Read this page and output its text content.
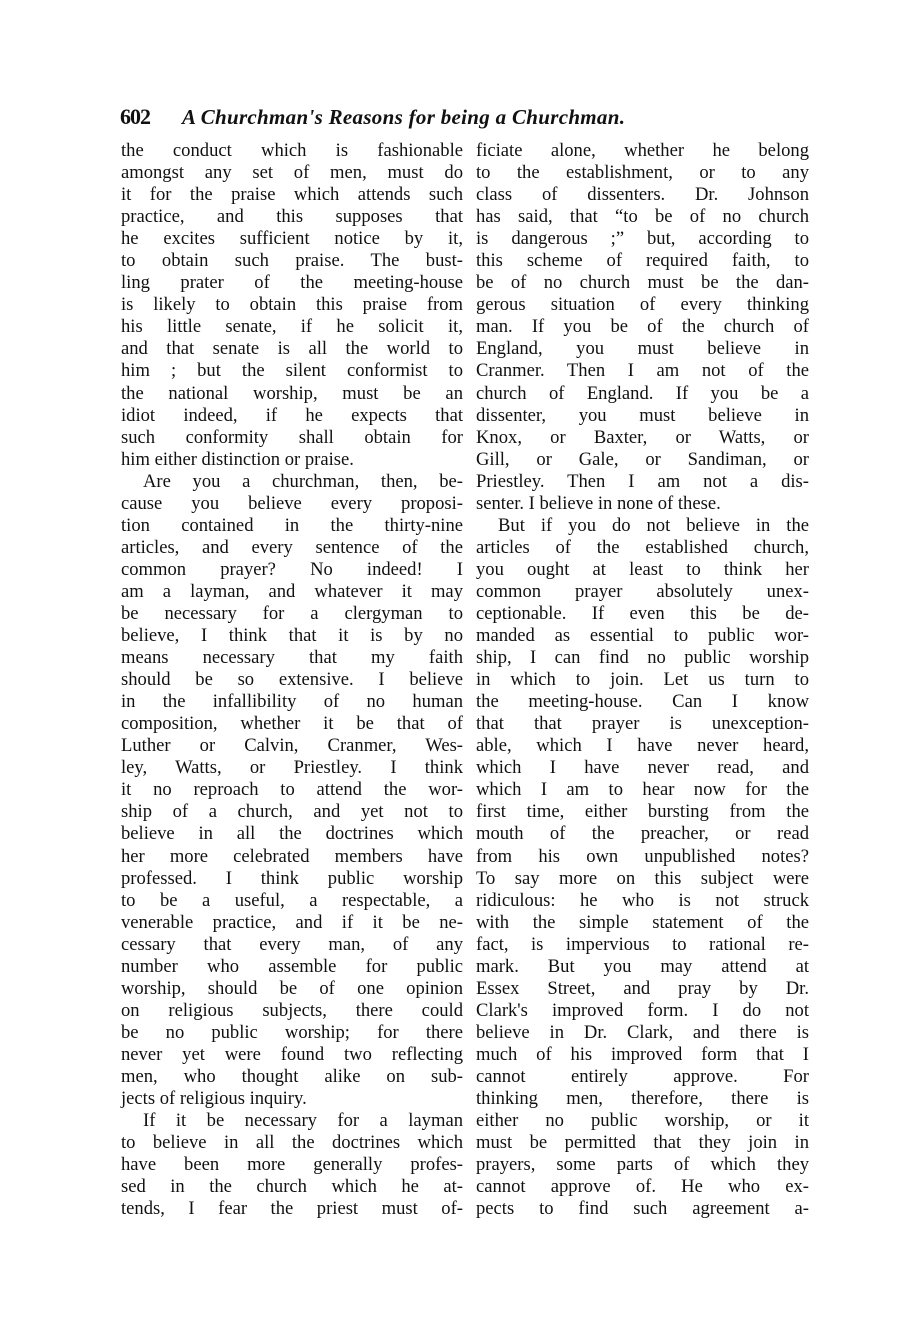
602 A Churchman's Reasons for being a Churchman.
the conduct which is fashionable
amongst any set of men, must do
it for the praise which attends such
practice, and this supposes that
he excites sufficient notice by it,
to obtain such praise. The bust-
ling prater of the meeting-house
is likely to obtain this praise from
his little senate, if he solicit it,
and that senate is all the world to
him ; but the silent conformist to
the national worship, must be an
idiot indeed, if he expects that
such conformity shall obtain for
him either distinction or praise.
Are you a churchman, then, be-
cause you believe every proposi-
tion contained in the thirty-nine
articles, and every sentence of the
common prayer? No indeed! I
am a layman, and whatever it may
be necessary for a clergyman to
believe, I think that it is by no
means necessary that my faith
should be so extensive. I believe
in the infallibility of no human
composition, whether it be that of
Luther or Calvin, Cranmer, Wes-
ley, Watts, or Priestley. I think
it no reproach to attend the wor-
ship of a church, and yet not to
believe in all the doctrines which
her more celebrated members have
professed. I think public worship
to be a useful, a respectable, a
venerable practice, and if it be ne-
cessary that every man, of any
number who assemble for public
worship, should be of one opinion
on religious subjects, there could
be no public worship; for there
never yet were found two reflecting
men, who thought alike on sub-
jects of religious inquiry.
If it be necessary for a layman
to believe in all the doctrines which
have been more generally profes-
sed in the church which he at-
tends, I fear the priest must of-
ficiate alone, whether he belong
to the establishment, or to any
class of dissenters. Dr. Johnson
has said, that “to be of no church
is dangerous ;” but, according to
this scheme of required faith, to
be of no church must be the dan-
gerous situation of every thinking
man. If you be of the church of
England, you must believe in
Cranmer. Then I am not of the
church of England. If you be a
dissenter, you must believe in
Knox, or Baxter, or Watts, or
Gill, or Gale, or Sandiman, or
Priestley. Then I am not a dis-
senter. I believe in none of these.
But if you do not believe in the
articles of the established church,
you ought at least to think her
common prayer absolutely unex-
ceptionable. If even this be de-
manded as essential to public wor-
ship, I can find no public worship
in which to join. Let us turn to
the meeting-house. Can I know
that that prayer is unexception-
able, which I have never heard,
which I have never read, and
which I am to hear now for the
first time, either bursting from the
mouth of the preacher, or read
from his own unpublished notes?
To say more on this subject were
ridiculous: he who is not struck
with the simple statement of the
fact, is impervious to rational re-
mark. But you may attend at
Essex Street, and pray by Dr.
Clark's improved form. I do not
believe in Dr. Clark, and there is
much of his improved form that I
cannot entirely approve. For
thinking men, therefore, there is
either no public worship, or it
must be permitted that they join in
prayers, some parts of which they
cannot approve of. He who ex-
pects to find such agreement a-
